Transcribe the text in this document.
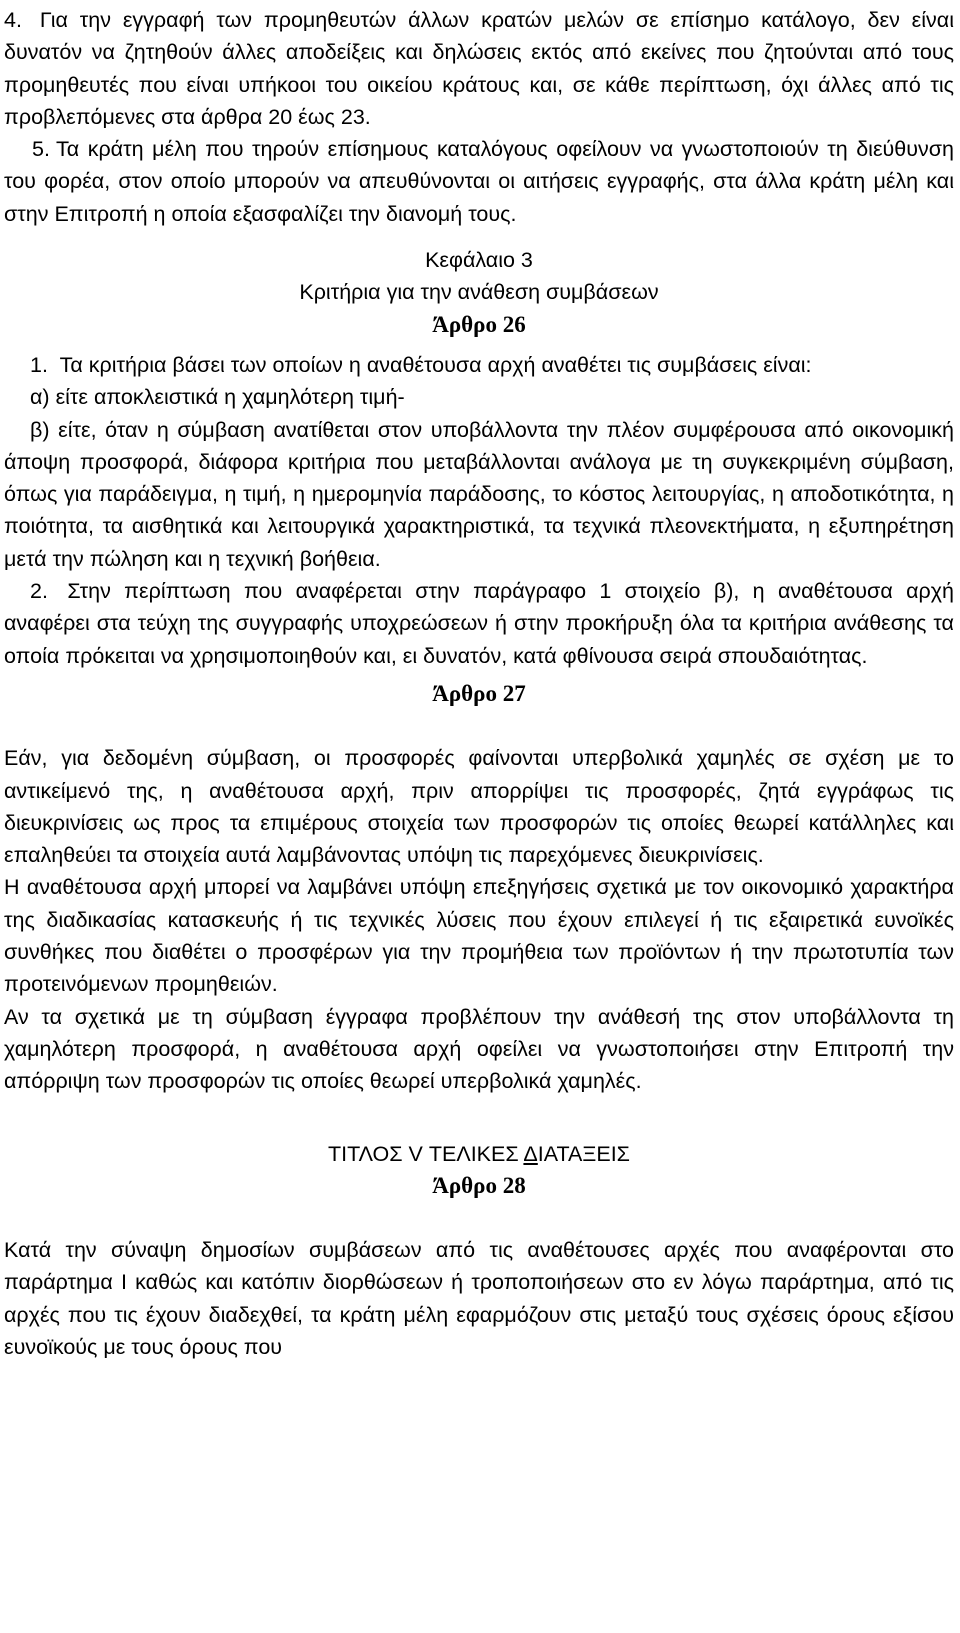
4. Για την εγγραφή των προμηθευτών άλλων κρατών μελών σε επίσημο κατάλογο, δεν είναι δυνατόν να ζητηθούν άλλες αποδείξεις και δηλώσεις εκτός από εκείνες που ζητούνται από τους προμηθευτές που είναι υπήκοοι του οικείου κράτους και, σε κάθε περίπτωση, όχι άλλες από τις προβλεπόμενες στα άρθρα 20 έως 23.

5. Τα κράτη μέλη που τηρούν επίσημους καταλόγους οφείλουν να γνωστοποιούν τη διεύθυνση του φορέα, στον οποίο μπορούν να απευθύνονται οι αιτήσεις εγγραφής, στα άλλα κράτη μέλη και στην Επιτροπή η οποία εξασφαλίζει την διανομή τους.

Κεφάλαιο 3

Κριτήρια για την ανάθεση συμβάσεων

Άρθρο 26

1. Τα κριτήρια βάσει των οποίων η αναθέτουσα αρχή αναθέτει τις συμβάσεις είναι:

α) είτε αποκλειστικά η χαμηλότερη τιμή-

β) είτε, όταν η σύμβαση ανατίθεται στον υποβάλλοντα την πλέον συμφέρουσα από οικονομική άποψη προσφορά, διάφορα κριτήρια που μεταβάλλονται ανάλογα με τη συγκεκριμένη σύμβαση, όπως για παράδειγμα, η τιμή, η ημερομηνία παράδοσης, το κόστος λειτουργίας, η αποδοτικότητα, η ποιότητα, τα αισθητικά και λειτουργικά χαρακτηριστικά, τα τεχνικά πλεονεκτήματα, η εξυπηρέτηση μετά την πώληση και η τεχνική βοήθεια.

2. Στην περίπτωση που αναφέρεται στην παράγραφο 1 στοιχείο β), η αναθέτουσα αρχή αναφέρει στα τεύχη της συγγραφής υποχρεώσεων ή στην προκήρυξη όλα τα κριτήρια ανάθεσης τα οποία πρόκειται να χρησιμοποιηθούν και, ει δυνατόν, κατά φθίνουσα σειρά σπουδαιότητας.

Άρθρο 27

Εάν, για δεδομένη σύμβαση, οι προσφορές φαίνονται υπερβολικά χαμηλές σε σχέση με το αντικείμενό της, η αναθέτουσα αρχή, πριν απορρίψει τις προσφορές, ζητά εγγράφως τις διευκρινίσεις ως προς τα επιμέρους στοιχεία των προσφορών τις οποίες θεωρεί κατάλληλες και επαληθεύει τα στοιχεία αυτά λαμβάνοντας υπόψη τις παρεχόμενες διευκρινίσεις.

Η αναθέτουσα αρχή μπορεί να λαμβάνει υπόψη επεξηγήσεις σχετικά με τον οικονομικό χαρακτήρα της διαδικασίας κατασκευής ή τις τεχνικές λύσεις που έχουν επιλεγεί ή τις εξαιρετικά ευνοϊκές συνθήκες που διαθέτει ο προσφέρων για την προμήθεια των προϊόντων ή την πρωτοτυπία των προτεινόμενων προμηθειών.

Αν τα σχετικά με τη σύμβαση έγγραφα προβλέπουν την ανάθεσή της στον υποβάλλοντα τη χαμηλότερη προσφορά, η αναθέτουσα αρχή οφείλει να γνωστοποιήσει στην Επιτροπή την απόρριψη των προσφορών τις οποίες θεωρεί υπερβολικά χαμηλές.

ΤΙΤΛΟΣ V ΤΕΛΙΚΕΣ ΔΙΑΤΑΞΕΙΣ

Άρθρο 28

Κατά την σύναψη δημοσίων συμβάσεων από τις αναθέτουσες αρχές που αναφέρονται στο παράρτημα Ι καθώς και κατόπιν διορθώσεων ή τροποποιήσεων στο εν λόγω παράρτημα, από τις αρχές που τις έχουν διαδεχθεί, τα κράτη μέλη εφαρμόζουν στις μεταξύ τους σχέσεις όρους εξίσου ευνοϊκούς με τους όρους που
